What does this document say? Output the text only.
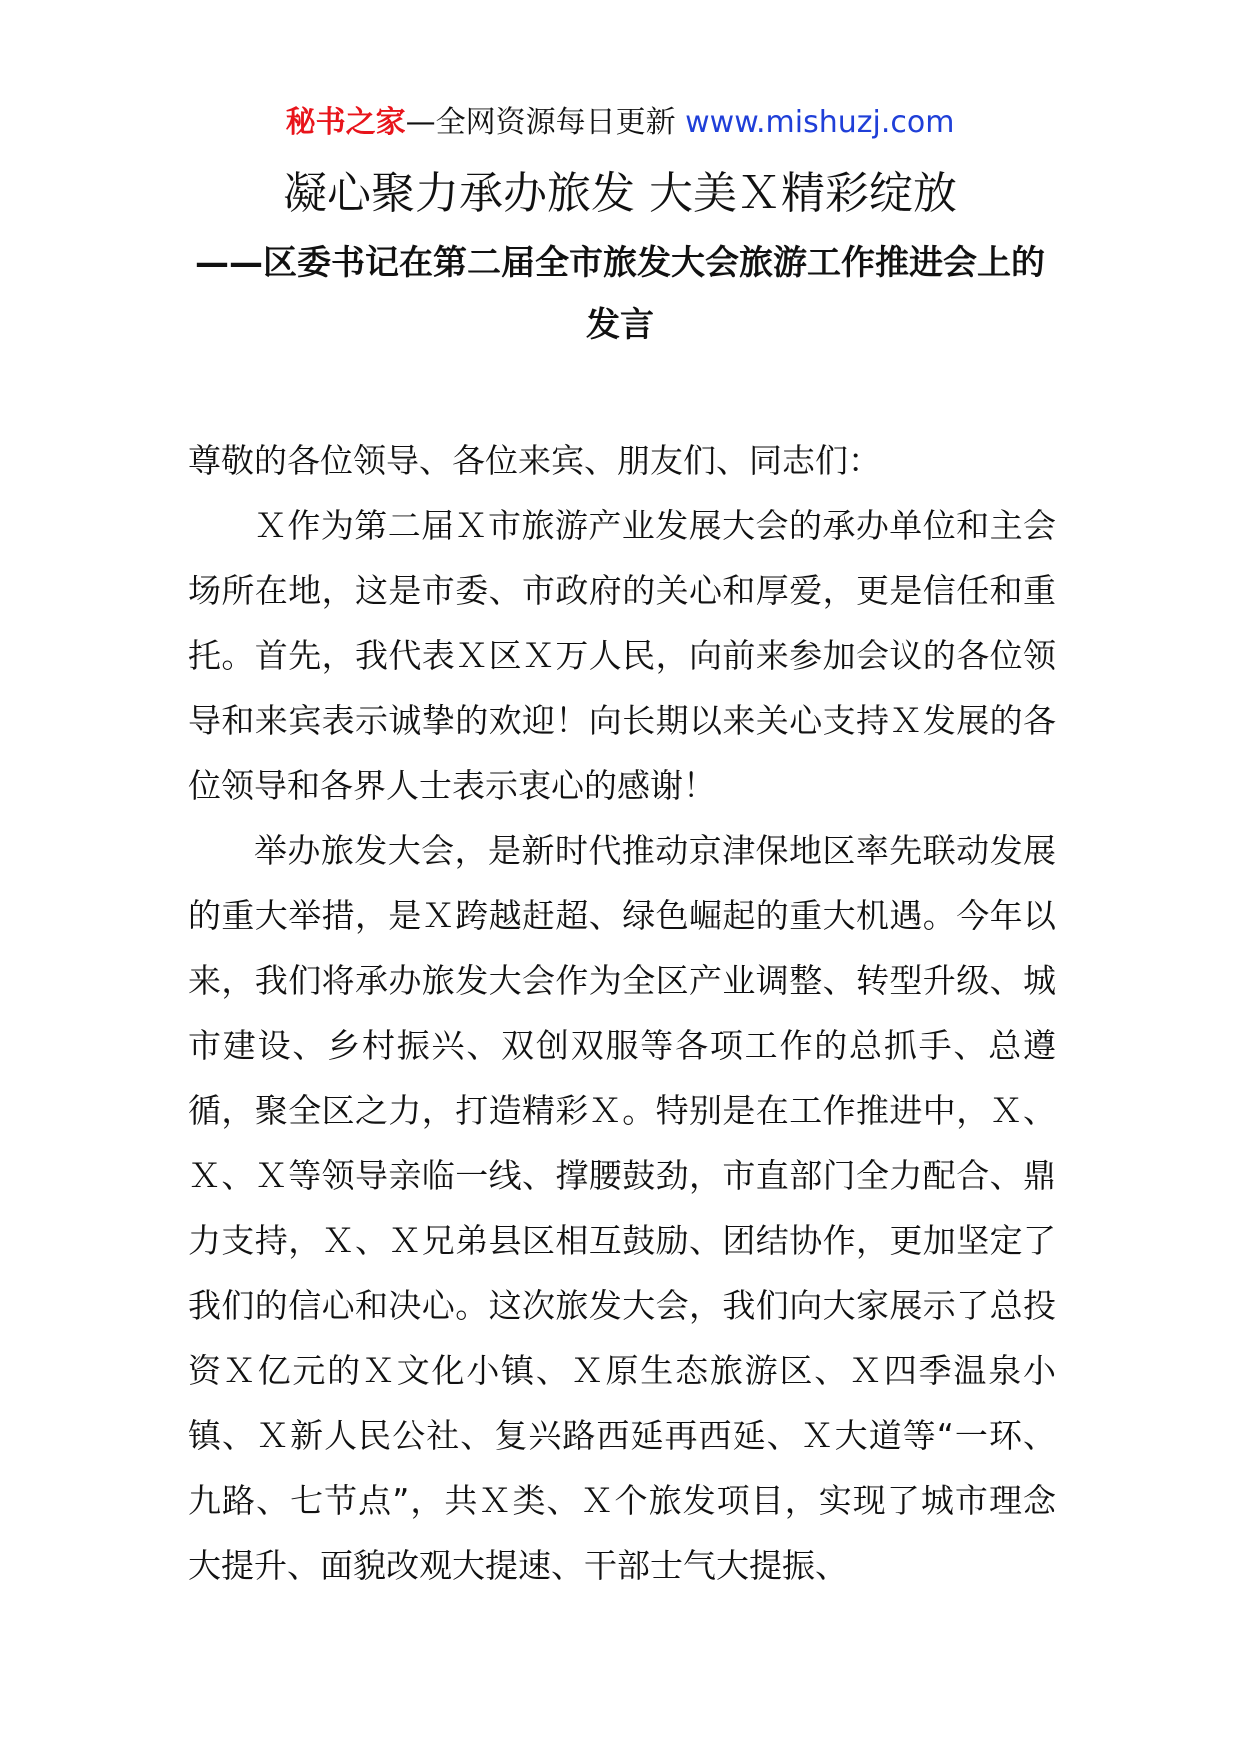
秘书之家—全网资源每日更新 www.mishuzj.com
凝心聚力承办旅发 大美Ｘ精彩绽放
——区委书记在第二届全市旅发大会旅游工作推进会上的发言

尊敬的各位领导、各位来宾、朋友们、同志们：

Ｘ作为第二届Ｘ市旅游产业发展大会的承办单位和主会场所在地，这是市委、市政府的关心和厚爱，更是信任和重托。首先，我代表Ｘ区Ｘ万人民，向前来参加会议的各位领导和来宾表示诚挚的欢迎！向长期以来关心支持Ｘ发展的各位领导和各界人士表示衷心的感谢！

举办旅发大会，是新时代推动京津保地区率先联动发展的重大举措，是Ｘ跨越赶超、绿色崛起的重大机遇。今年以来，我们将承办旅发大会作为全区产业调整、转型升级、城市建设、乡村振兴、双创双服等各项工作的总抓手、总遵循，聚全区之力，打造精彩Ｘ。特别是在工作推进中，Ｘ、Ｘ、Ｘ等领导亲临一线、撑腰鼓劲，市直部门全力配合、鼎力支持，Ｘ、Ｘ兄弟县区相互鼓励、团结协作，更加坚定了我们的信心和决心。这次旅发大会，我们向大家展示了总投资Ｘ亿元的Ｘ文化小镇、Ｘ原生态旅游区、Ｘ四季温泉小镇、Ｘ新人民公社、复兴路西延再西延、Ｘ大道等“一环、九路、七节点”，共Ｘ类、Ｘ个旅发项目，实现了城市理念大提升、面貌改观大提速、干部士气大提振、
